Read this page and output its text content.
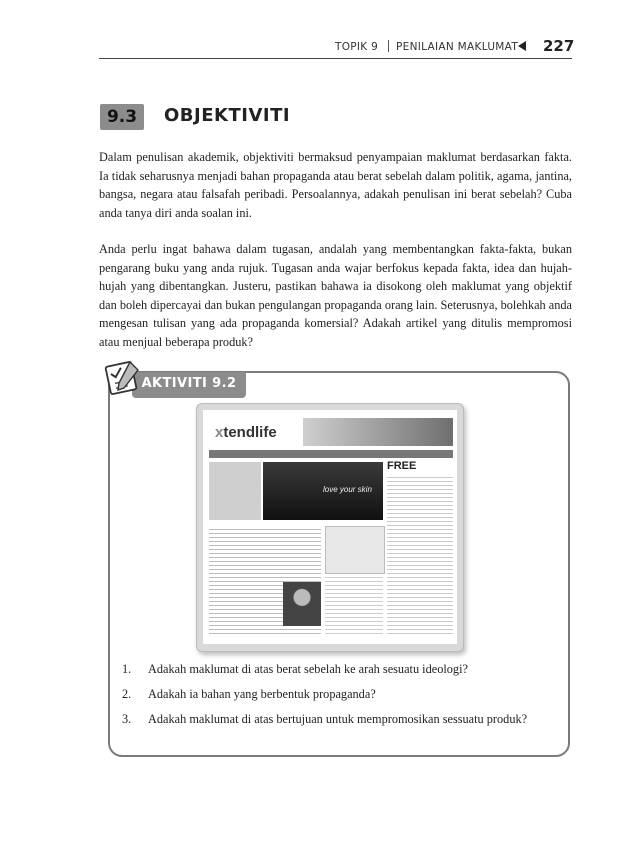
TOPIK 9 PENILAIAN MAKLUMAT 227
9.3	OBJEKTIVITI
Dalam penulisan akademik, objektiviti bermaksud penyampaian maklumat berdasarkan fakta. Ia tidak seharusnya menjadi bahan propaganda atau berat sebelah dalam politik, agama, jantina, bangsa, negara atau falsafah peribadi. Persoalannya, adakah penulisan ini berat sebelah? Cuba anda tanya diri anda soalan ini.
Anda perlu ingat bahawa dalam tugasan, andalah yang membentangkan fakta-fakta, bukan pengarang buku yang anda rujuk. Tugasan anda wajar berfokus kepada fakta, idea dan hujah-hujah yang dibentangkan. Justeru, pastikan bahawa ia disokong oleh maklumat yang objektif dan boleh dipercayai dan bukan pengulangan propaganda orang lain. Seterusnya, bolehkah anda mengesan tulisan yang ada propaganda komersial? Adakah artikel yang ditulis mempromosi atau menjual beberapa produk?
AKTIVITI 9.2
xtendlife
love your skin
FREE
1. Adakah maklumat di atas berat sebelah ke arah sesuatu ideologi?
2. Adakah ia bahan yang berbentuk propaganda?
3. Adakah maklumat di atas bertujuan untuk mempromosikan sessuatu produk?
